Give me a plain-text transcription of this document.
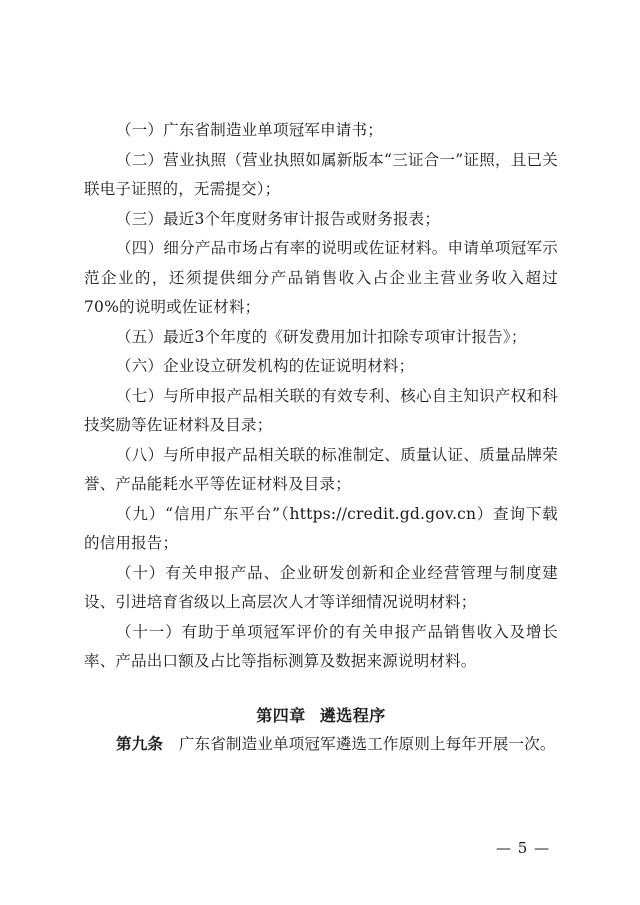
（一）广东省制造业单项冠军申请书；

（二）营业执照（营业执照如属新版本“三证合一”证照，且已关联电子证照的，无需提交）；

（三）最近3个年度财务审计报告或财务报表；

（四）细分产品市场占有率的说明或佐证材料。申请单项冠军示范企业的，还须提供细分产品销售收入占企业主营业务收入超过70%的说明或佐证材料；

（五）最近3个年度的《研发费用加计扣除专项审计报告》；

（六）企业设立研发机构的佐证说明材料；

（七）与所申报产品相关联的有效专利、核心自主知识产权和科技奖励等佐证材料及目录；

（八）与所申报产品相关联的标准制定、质量认证、质量品牌荣誉、产品能耗水平等佐证材料及目录；

（九）“信用广东平台”（https://credit.gd.gov.cn）查询下载的信用报告；

（十）有关申报产品、企业研发创新和企业经营管理与制度建设、引进培育省级以上高层次人才等详细情况说明材料；

（十一）有助于单项冠军评价的有关申报产品销售收入及增长率、产品出口额及占比等指标测算及数据来源说明材料。

第四章 遴选程序

第九条  广东省制造业单项冠军遴选工作原则上每年开展一次。

— 5 —
